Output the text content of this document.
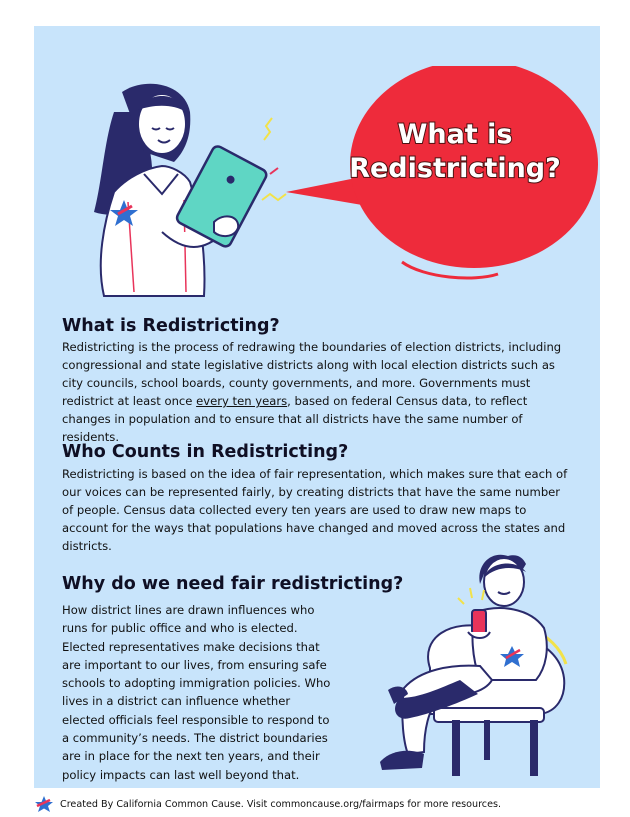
What is
Redistricting?
What is Redistricting?
Redistricting is the process of redrawing the boundaries of election districts, including congressional and state legislative districts along with local election districts such as city councils, school boards, county governments, and more. Governments must redistrict at least once every ten years, based on federal Census data, to reflect changes in population and to ensure that all districts have the same number of residents.
Who Counts in Redistricting?
Redistricting is based on the idea of fair representation, which makes sure that each of our voices can be represented fairly, by creating districts that have the same number of people. Census data collected every ten years are used to draw new maps to account for the ways that populations have changed and moved across the states and districts.
Why do we need fair redistricting?
How district lines are drawn influences who runs for public office and who is elected. Elected representatives make decisions that are important to our lives, from ensuring safe schools to adopting immigration policies. Who lives in a district can influence whether elected officials feel responsible to respond to a community’s needs. The district boundaries are in place for the next ten years, and their policy impacts can last well beyond that.
Created By California Common Cause. Visit commoncause.org/fairmaps for more resources.
